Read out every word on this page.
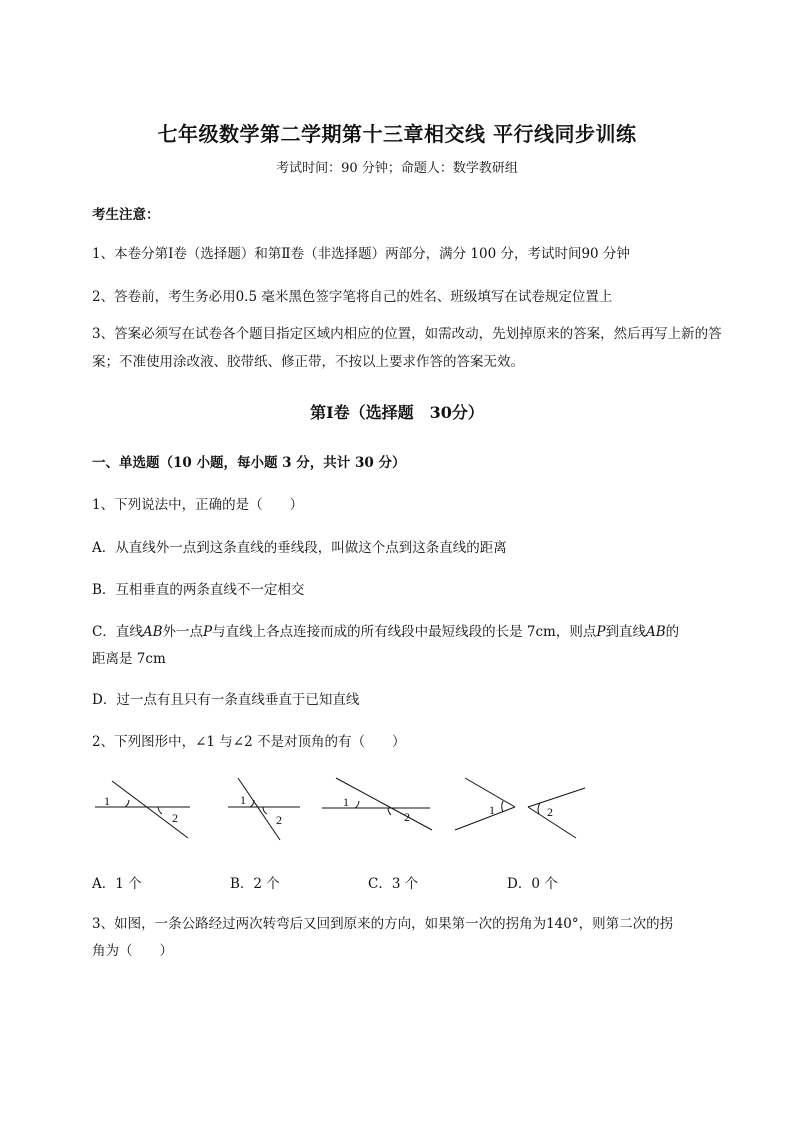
七年级数学第二学期第十三章相交线 平行线同步训练
考试时间：90 分钟；命题人：数学教研组
考生注意：
1、本卷分第Ⅰ卷（选择题）和第Ⅱ卷（非选择题）两部分，满分 100 分，考试时间90 分钟
2、答卷前，考生务必用0.5 毫米黑色签字笔将自己的姓名、班级填写在试卷规定位置上
3、答案必须写在试卷各个题目指定区域内相应的位置，如需改动，先划掉原来的答案，然后再写上新的答案；不准使用涂改液、胶带纸、修正带，不按以上要求作答的答案无效。
第Ⅰ卷（选择题　30分）
一、单选题（10 小题，每小题 3 分，共计 30 分）
1、下列说法中，正确的是（　　）
A．从直线外一点到这条直线的垂线段，叫做这个点到这条直线的距离
B．互相垂直的两条直线不一定相交
C．直线AB外一点P与直线上各点连接而成的所有线段中最短线段的长是 7cm，则点P到直线AB的
距离是 7cm
D．过一点有且只有一条直线垂直于已知直线
2、下列图形中，∠1 与∠2 不是对顶角的有（　　）
1
2
1
2
1
2	1	2
A．1 个	B．2 个	C．3 个	D．0 个
3、如图，一条公路经过两次转弯后又回到原来的方向，如果第一次的拐角为140°，则第二次的拐
角为（　　）
